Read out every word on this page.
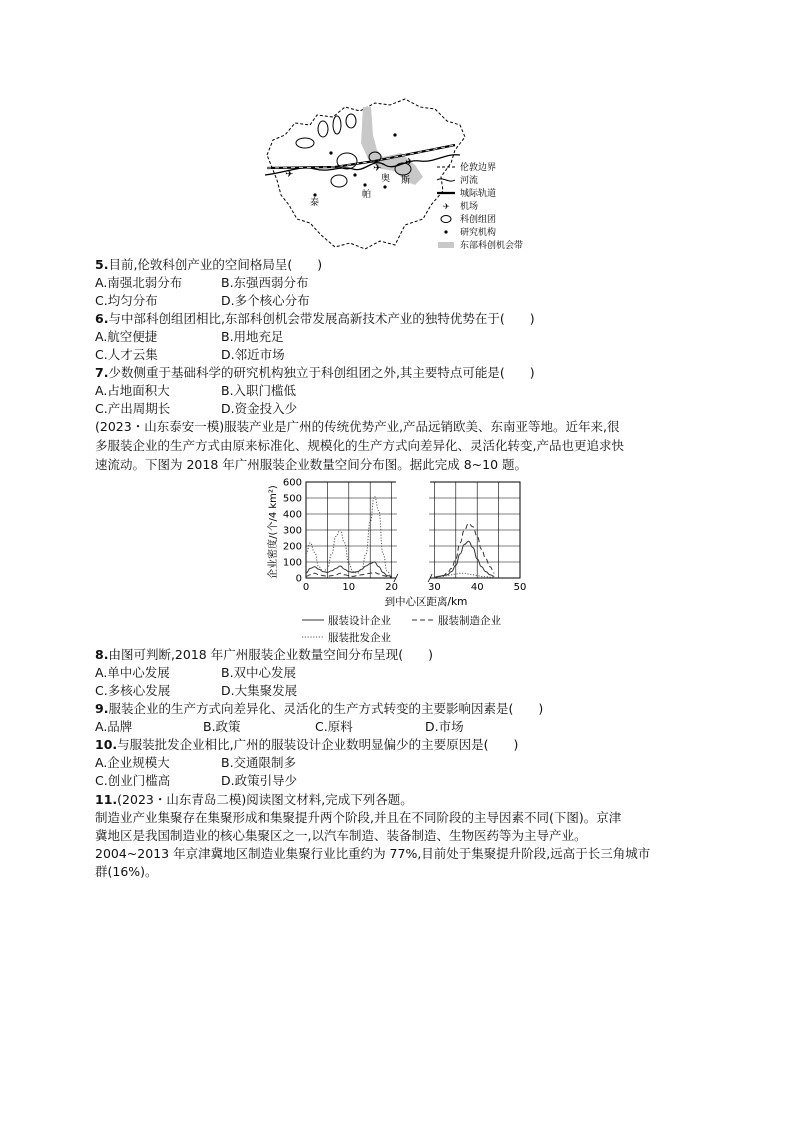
✈
✈
✈	奥 斯
泰
帕
伦敦边界
河流
城际轨道
✈ 机场
科创组团
研究机构
东部科创机会带
5.目前,伦敦科创产业的空间格局呈(　　)
A.南强北弱分布	B.东强西弱分布
C.均匀分布	D.多个核心分布
6.与中部科创组团相比,东部科创机会带发展高新技术产业的独特优势在于(　　)
A.航空便捷	B.用地充足
C.人才云集	D.邻近市场
7.少数侧重于基础科学的研究机构独立于科创组团之外,其主要特点可能是(　　)
A.占地面积大	B.入职门槛低
C.产出周期长	D.资金投入少
(2023・山东泰安一模)服装产业是广州的传统优势产业,产品远销欧美、东南亚等地。近年来,很
多服装企业的生产方式由原来标准化、规模化的生产方式向差异化、灵活化转变,产品也更追求快
速流动。下图为 2018 年广州服装企业数量空间分布图。据此完成 8~10 题。
0
100
200
300
400
500
600
0	10	20	30	40	50
到中心区距离/km
企业密度/(个/4 km²)
服装设计企业	服装制造企业
服装批发企业
8.由图可判断,2018 年广州服装企业数量空间分布呈现(　　)
A.单中心发展	B.双中心发展
C.多核心发展	D.大集聚发展
9.服装企业的生产方式向差异化、灵活化的生产方式转变的主要影响因素是(　　)
A.品牌	B.政策	C.原料	D.市场
10.与服装批发企业相比,广州的服装设计企业数明显偏少的主要原因是(　　)
A.企业规模大	B.交通限制多
C.创业门槛高	D.政策引导少
11.(2023・山东青岛二模)阅读图文材料,完成下列各题。
制造业产业集聚存在集聚形成和集聚提升两个阶段,并且在不同阶段的主导因素不同(下图)。京津
冀地区是我国制造业的核心集聚区之一,以汽车制造、装备制造、生物医药等为主导产业。
2004~2013 年京津冀地区制造业集聚行业比重约为 77%,目前处于集聚提升阶段,远高于长三角城市
群(16%)。
